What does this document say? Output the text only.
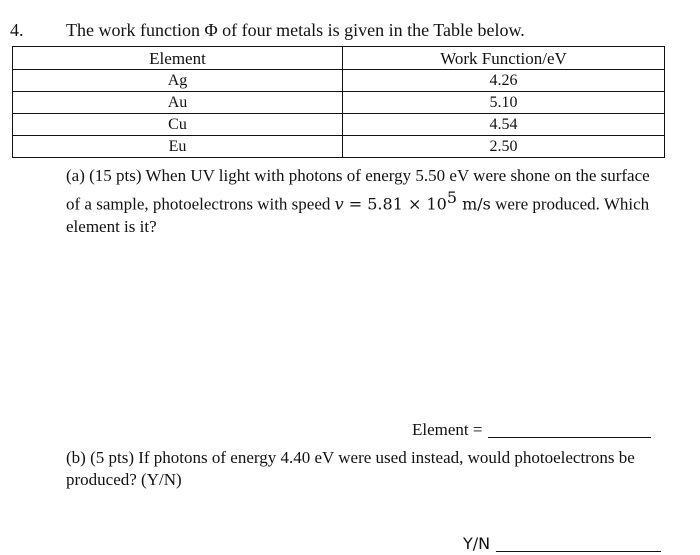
4. The work function Φ of four metals is given in the Table below.
Element	Work Function/eV
Ag	4.26
Au	5.10
Cu	4.54
Eu	2.50
(a) (15 pts) When UV light with photons of energy 5.50 eV were shone on the surface of a sample, photoelectrons with speed $v = 5.81 \times 10^5$ m/s were produced. Which element is it?
Element =
(b) (5 pts) If photons of energy 4.40 eV were used instead, would photoelectrons be produced? (Y/N)
Y/N
